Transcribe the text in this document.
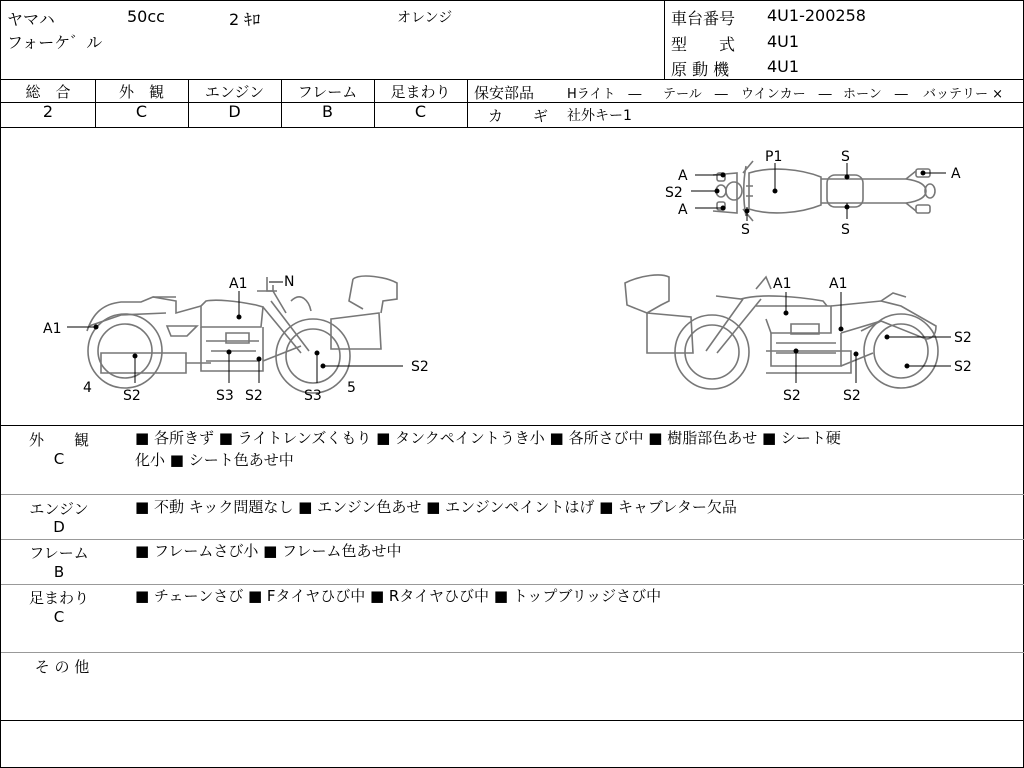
ヤマハ	50cc	2 ｷﾛ	オレンジ
フォーケ゛ル
車台番号 4U1-200258
型　　式 4U1
原 動 機 4U1
総　合
2
外　観
C
エンジン
D
フレーム
B
足まわり
C
保安部品	Hライト　― テール　― ウインカー　― ホーン　― バッテリー ×
カ　　ギ 社外キー1
A
S2
A
S
P1	S
S
A
A1	N
A1
4 S2	S3 S2	S3 5
S2
A1	A1
S2
S2
S2	S2
外　　観
C
■ 各所きず ■ ライトレンズくもり ■ タンクペイントうき小 ■ 各所さび中 ■ 樹脂部色あせ ■ シート硬
化小 ■ シート色あせ中
エンジン
D
■ 不動 キック問題なし ■ エンジン色あせ ■ エンジンペイントはげ ■ キャブレター欠品
フレーム
B
■ フレームさび小 ■ フレーム色あせ中
足まわり
C
■ チェーンさび ■ Fタイヤひび中 ■ Rタイヤひび中 ■ トップブリッジさび中
そ の 他
